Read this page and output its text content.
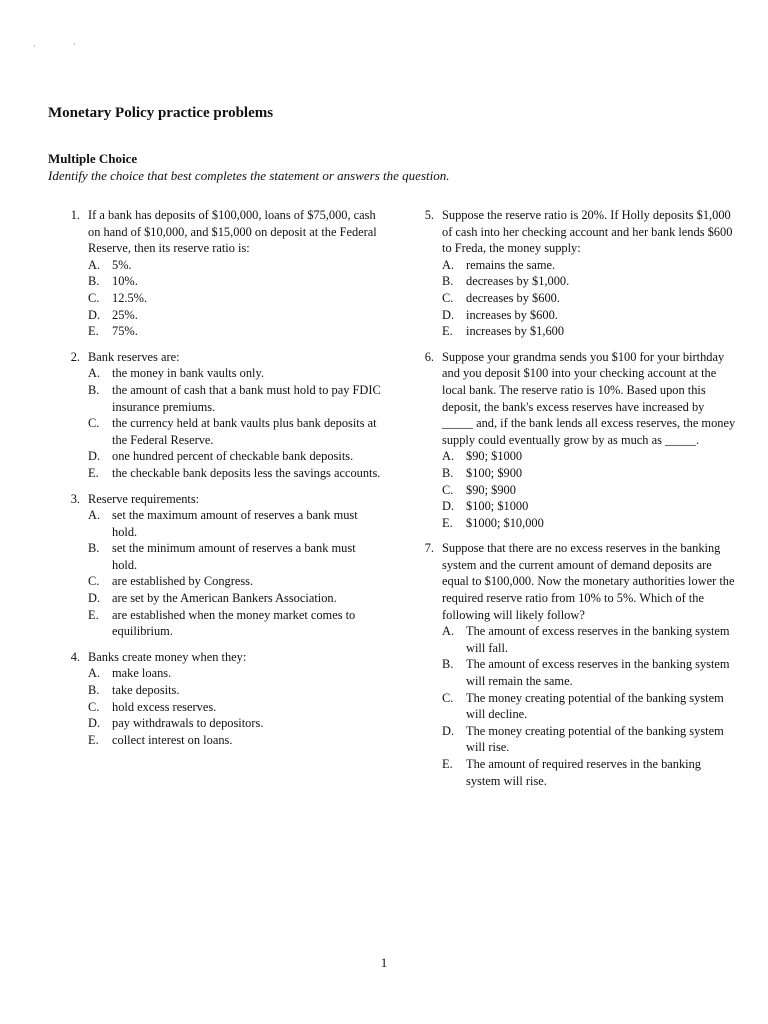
·	·
Monetary Policy practice problems
Multiple Choice
Identify the choice that best completes the statement or answers the question.
1. If a bank has deposits of $100,000, loans of $75,000, cash on hand of $10,000, and $15,000 on deposit at the Federal Reserve, then its reserve ratio is:
A. 5%.
B. 10%.
C. 12.5%.
D. 25%.
E. 75%.
2. Bank reserves are:
A. the money in bank vaults only.
B. the amount of cash that a bank must hold to pay FDIC insurance premiums.
C. the currency held at bank vaults plus bank deposits at the Federal Reserve.
D. one hundred percent of checkable bank deposits.
E. the checkable bank deposits less the savings accounts.
3. Reserve requirements:
A. set the maximum amount of reserves a bank must hold.
B. set the minimum amount of reserves a bank must hold.
C. are established by Congress.
D. are set by the American Bankers Association.
E. are established when the money market comes to equilibrium.
4. Banks create money when they:
A. make loans.
B. take deposits.
C. hold excess reserves.
D. pay withdrawals to depositors.
E. collect interest on loans.
5. Suppose the reserve ratio is 20%. If Holly deposits $1,000 of cash into her checking account and her bank lends $600 to Freda, the money supply:
A. remains the same.
B. decreases by $1,000.
C. decreases by $600.
D. increases by $600.
E. increases by $1,600
6. Suppose your grandma sends you $100 for your birthday and you deposit $100 into your checking account at the local bank. The reserve ratio is 10%. Based upon this deposit, the bank's excess reserves have increased by _____ and, if the bank lends all excess reserves, the money supply could eventually grow by as much as _____.
A. $90; $1000
B. $100; $900
C. $90; $900
D. $100; $1000
E. $1000; $10,000
7. Suppose that there are no excess reserves in the banking system and the current amount of demand deposits are equal to $100,000. Now the monetary authorities lower the required reserve ratio from 10% to 5%. Which of the following will likely follow?
A. The amount of excess reserves in the banking system will fall.
B. The amount of excess reserves in the banking system will remain the same.
C. The money creating potential of the banking system will decline.
D. The money creating potential of the banking system will rise.
E. The amount of required reserves in the banking system will rise.
1
